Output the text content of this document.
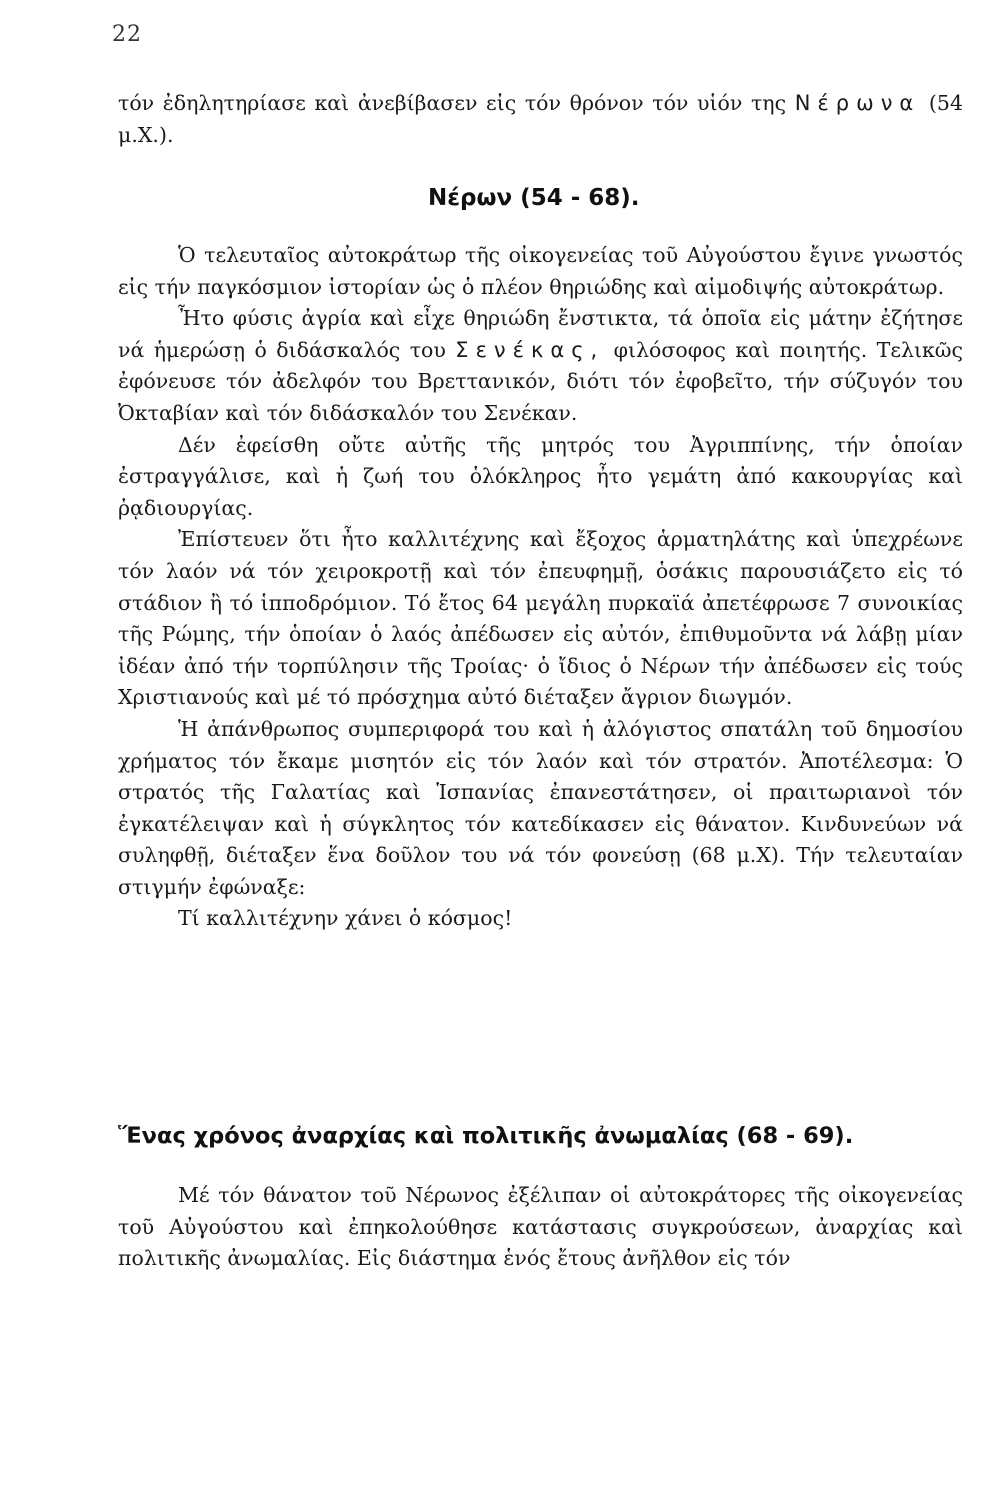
22

τόν ἐδηλητηρίασε καὶ ἀνεβίβασεν εἰς τόν θρόνον τόν υἱόν της Νέρωνα (54 μ.Χ.).

Νέρων (54 - 68).

Ὁ τελευταῖος αὐτοκράτωρ τῆς οἰκογενείας τοῦ Αὐγούστου ἔγινε γνωστός εἰς τήν παγκόσμιον ἱστορίαν ὡς ὁ πλέον θηριώδης καὶ αἱμοδιψής αὐτοκράτωρ.

Ἦτο φύσις ἀγρία καὶ εἶχε θηριώδη ἔνστικτα, τά ὁποῖα εἰς μάτην ἐζήτησε νά ἡμερώσῃ ὁ διδάσκαλός του Σενέκας, φιλόσοφος καὶ ποιητής. Τελικῶς ἐφόνευσε τόν ἀδελφόν του Βρεττανικόν, διότι τόν ἐφοβεῖτο, τήν σύζυγόν του Ὀκταβίαν καὶ τόν διδάσκαλόν του Σενέκαν.

Δέν ἐφείσθη οὔτε αὐτῆς τῆς μητρός του Ἀγριππίνης, τήν ὁποίαν ἐστραγγάλισε, καὶ ἡ ζωή του ὁλόκληρος ἦτο γεμάτη ἀπό κακουργίας καὶ ῥᾳδιουργίας.

Ἐπίστευεν ὅτι ἦτο καλλιτέχνης καὶ ἔξοχος ἁρματηλάτης καὶ ὑπεχρέωνε τόν λαόν νά τόν χειροκροτῇ καὶ τόν ἐπευφημῇ, ὁσάκις παρουσιάζετο εἰς τό στάδιον ἢ τό ἱπποδρόμιον. Τό ἔτος 64 μεγάλη πυρκαϊά ἀπετέφρωσε 7 συνοικίας τῆς Ρώμης, τήν ὁποίαν ὁ λαός ἀπέδωσεν εἰς αὐτόν, ἐπιθυμοῦντα νά λάβῃ μίαν ἰδέαν ἀπό τήν τορπύλησιν τῆς Τροίας· ὁ ἴδιος ὁ Νέρων τήν ἀπέδωσεν εἰς τούς Χριστιανούς καὶ μέ τό πρόσχημα αὐτό διέταξεν ἄγριον διωγμόν.

Ἡ ἀπάνθρωπος συμπεριφορά του καὶ ἡ ἀλόγιστος σπατάλη τοῦ δημοσίου χρήματος τόν ἔκαμε μισητόν εἰς τόν λαόν καὶ τόν στρατόν. Ἀποτέλεσμα: Ὁ στρατός τῆς Γαλατίας καὶ Ἱσπανίας ἐπανεστάτησεν, οἱ πραιτωριανοὶ τόν ἐγκατέλειψαν καὶ ἡ σύγκλητος τόν κατεδίκασεν εἰς θάνατον. Κινδυνεύων νά συληφθῇ, διέταξεν ἕνα δοῦλον του νά τόν φονεύσῃ (68 μ.Χ). Τήν τελευταίαν στιγμήν ἐφώναξε:

Τί καλλιτέχνην χάνει ὁ κόσμος!

Ἕνας χρόνος ἀναρχίας καὶ πολιτικῆς ἀνωμαλίας (68 - 69).

Μέ τόν θάνατον τοῦ Νέρωνος ἐξέλιπαν οἱ αὐτοκράτορες τῆς οἰκογενείας τοῦ Αὐγούστου καὶ ἐπηκολούθησε κατάστασις συγκρούσεων, ἀναρχίας καὶ πολιτικῆς ἀνωμαλίας. Εἰς διάστημα ἑνός ἔτους ἀνῆλθον εἰς τόν
